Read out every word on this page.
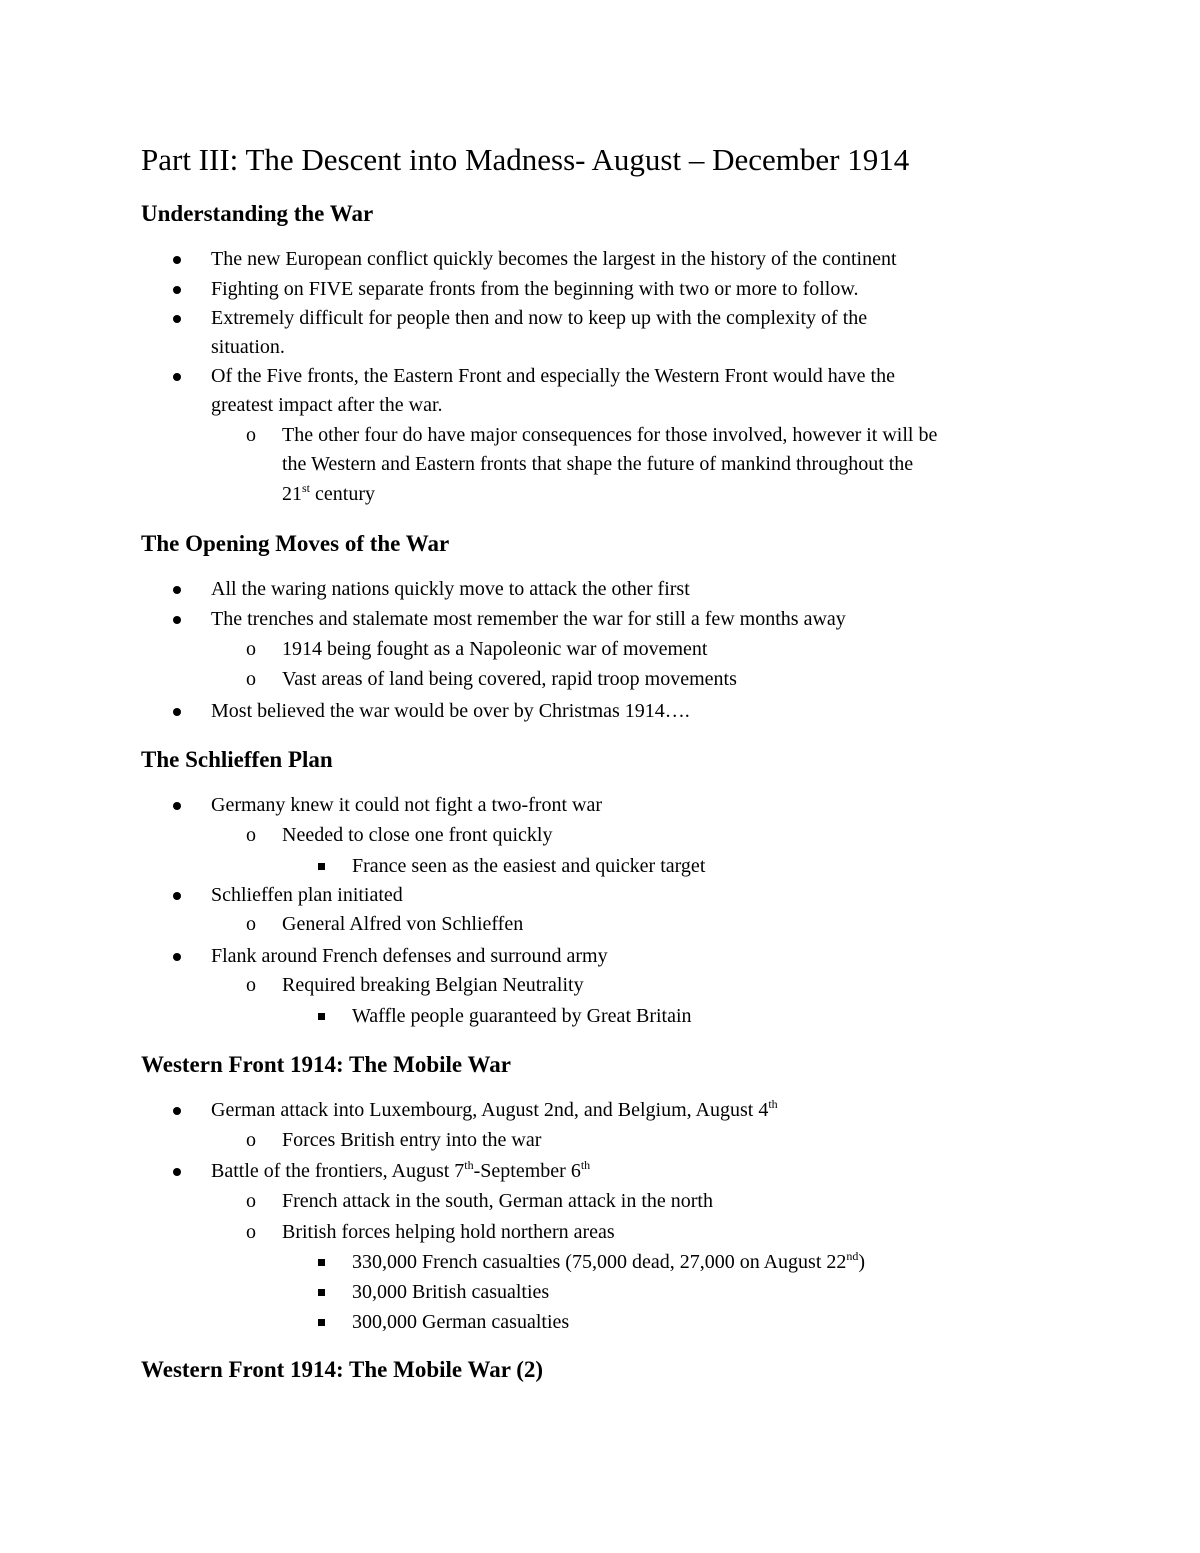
Part III: The Descent into Madness- August – December 1914
Understanding the War
The new European conflict quickly becomes the largest in the history of the continent
Fighting on FIVE separate fronts from the beginning with two or more to follow.
Extremely difficult for people then and now to keep up with the complexity of the
situation.
Of the Five fronts, the Eastern Front and especially the Western Front would have the
greatest impact after the war.
o The other four do have major consequences for those involved, however it will be
the Western and Eastern fronts that shape the future of mankind throughout the
21st century
The Opening Moves of the War
All the waring nations quickly move to attack the other first
The trenches and stalemate most remember the war for still a few months away
o 1914 being fought as a Napoleonic war of movement
o Vast areas of land being covered, rapid troop movements
Most believed the war would be over by Christmas 1914….
The Schlieffen Plan
Germany knew it could not fight a two-front war
o Needed to close one front quickly
France seen as the easiest and quicker target
Schlieffen plan initiated
o General Alfred von Schlieffen
Flank around French defenses and surround army
o Required breaking Belgian Neutrality
Waffle people guaranteed by Great Britain
Western Front 1914: The Mobile War
German attack into Luxembourg, August 2nd, and Belgium, August 4th
o Forces British entry into the war
Battle of the frontiers, August 7th-September 6th
o French attack in the south, German attack in the north
o British forces helping hold northern areas
330,000 French casualties (75,000 dead, 27,000 on August 22nd)
30,000 British casualties
300,000 German casualties
Western Front 1914: The Mobile War (2)
